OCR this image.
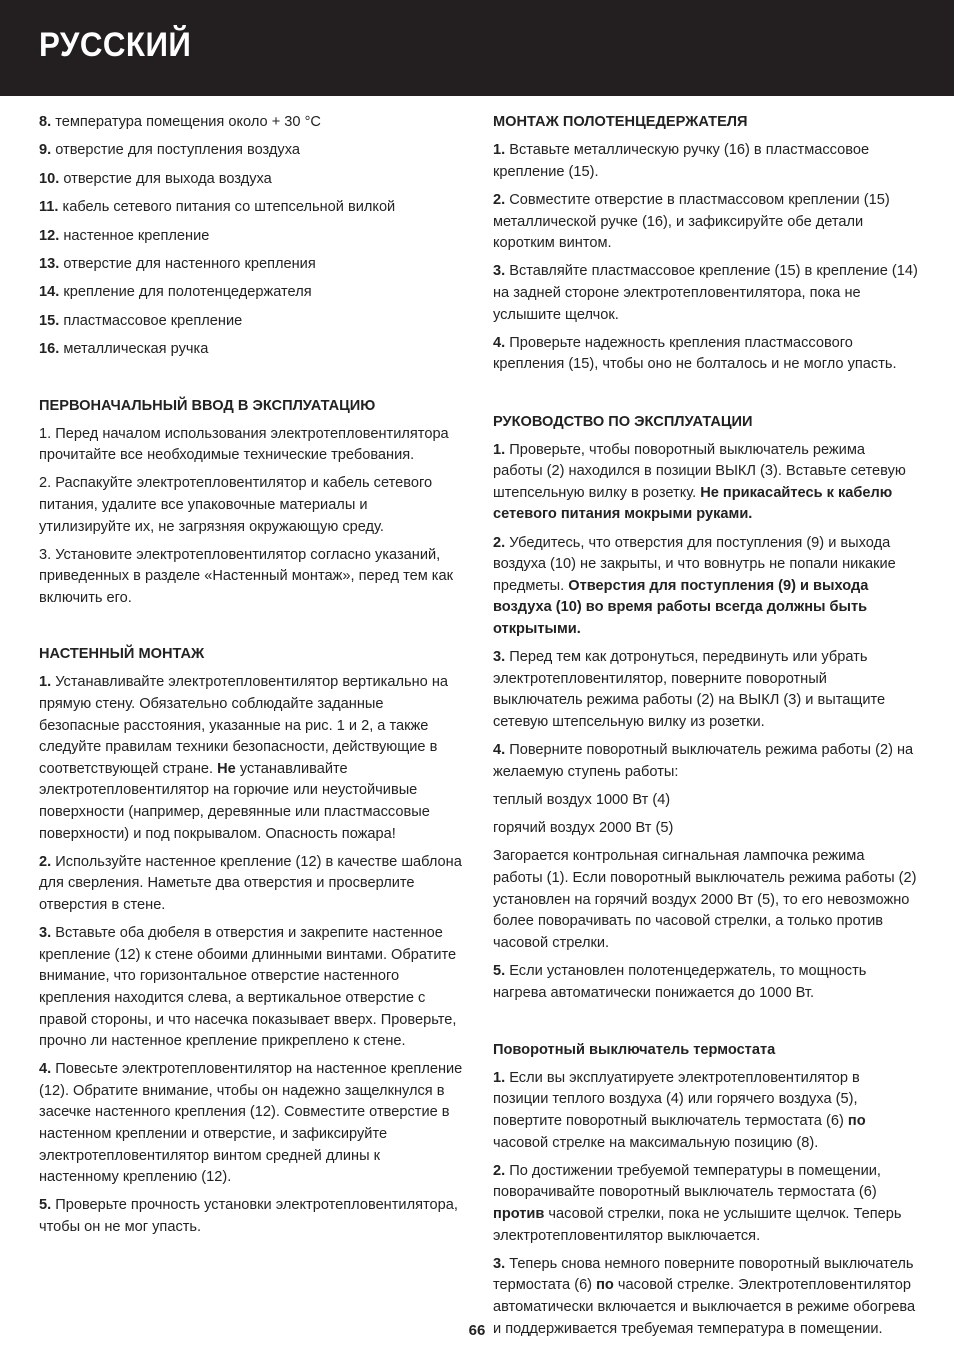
РУССКИЙ

8. температура помещения около + 30 °C

9. отверстие для поступления воздуха

10. отверстие для выхода воздуха

11. кабель сетевого питания со штепсельной вилкой

12. настенное крепление

13. отверстие для настенного крепления

14. крепление для полотенцедержателя

15. пластмассовое крепление

16. металлическая ручка

ПЕРВОНАЧАЛЬНЫЙ ВВОД В ЭКСПЛУАТАЦИЮ

1. Перед началом использования электротепловентилятора прочитайте все необходимые технические требования.

2. Распакуйте электротепловентилятор и кабель сетевого питания, удалите все упаковочные материалы и утилизируйте их, не загрязняя окружающую среду.

3. Установите электротепловентилятор согласно указаний, приведенных в разделе «Настенный монтаж», перед тем как включить его.

НАСТЕННЫЙ МОНТАЖ

1. Устанавливайте электротепловентилятор вертикально на прямую стену. Обязательно соблюдайте заданные безопасные расстояния, указанные на рис. 1 и 2, а также следуйте правилам техники безопасности, действующие в соответствующей стране. Не устанавливайте электротепловентилятор на горючие или неустойчивые поверхности (например, деревянные или пластмассовые поверхности) и под покрывалом. Опасность пожара!

2. Используйте настенное крепление (12) в качестве шаблона для сверления. Наметьте два отверстия и просверлите отверстия в стене.

3. Вставьте оба дюбеля в отверстия и закрепите настенное крепление (12) к стене обоими длинными винтами. Обратите внимание, что горизонтальное отверстие настенного крепления находится слева, а вертикальное отверстие с правой стороны, и что насечка показывает вверх. Проверьте, прочно ли настенное крепление прикреплено к стене.

4. Повесьте электротепловентилятор на настенное крепление (12). Обратите внимание, чтобы он надежно защелкнулся в засечке настенного крепления (12). Совместите отверстие в настенном креплении и отверстие, и зафиксируйте электротепловентилятор винтом средней длины к настенному креплению (12).

5. Проверьте прочность установки электротепловентилятора, чтобы он не мог упасть.

МОНТАЖ ПОЛОТЕНЦЕДЕРЖАТЕЛЯ

1. Вставьте металлическую ручку (16) в пластмассовое крепление (15).

2. Совместите отверстие в пластмассовом креплении (15) металлической ручке (16), и зафиксируйте обе детали коротким винтом.

3. Вставляйте пластмассовое крепление (15) в крепление (14) на задней стороне электротепловентилятора, пока не услышите щелчок.

4. Проверьте надежность крепления пластмассового крепления (15), чтобы оно не болталось и не могло упасть.

РУКОВОДСТВО ПО ЭКСПЛУАТАЦИИ

1. Проверьте, чтобы поворотный выключатель режима работы (2) находился в позиции ВЫКЛ (3). Вставьте сетевую штепсельную вилку в розетку. Не прикасайтесь к кабелю сетевого питания мокрыми руками.

2. Убедитесь, что отверстия для поступления (9) и выхода воздуха (10) не закрыты, и что вовнутрь не попали никакие предметы. Отверстия для поступления (9) и выхода воздуха (10) во время работы всегда должны быть открытыми.

3. Перед тем как дотронуться, передвинуть или убрать электротепловентилятор, поверните поворотный выключатель режима работы (2) на ВЫКЛ (3) и вытащите сетевую штепсельную вилку из розетки.

4. Поверните поворотный выключатель режима работы (2) на желаемую ступень работы:

теплый воздух 1000 Вт (4)

горячий воздух 2000 Вт (5)

Загорается контрольная сигнальная лампочка режима работы (1). Если поворотный выключатель режима работы (2) установлен на горячий воздух 2000 Вт (5), то его невозможно более поворачивать по часовой стрелки, а только против часовой стрелки.

5. Если установлен полотенцедержатель, то мощность нагрева автоматически понижается до 1000 Вт.

Поворотный выключатель термостата

1. Если вы эксплуатируете электротепловентилятор в позиции теплого воздуха (4) или горячего воздуха (5), повертите поворотный выключатель термостата (6) по часовой стрелке на максимальную позицию (8).

2. По достижении требуемой температуры в помещении, поворачивайте поворотный выключатель термостата (6) против часовой стрелки, пока не услышите щелчок. Теперь электротепловентилятор выключается.

3. Теперь снова немного поверните поворотный выключатель термостата (6) по часовой стрелке. Электротепловентилятор автоматически включается и выключается в режиме обогрева и поддерживается требуемая температура в помещении.

66
